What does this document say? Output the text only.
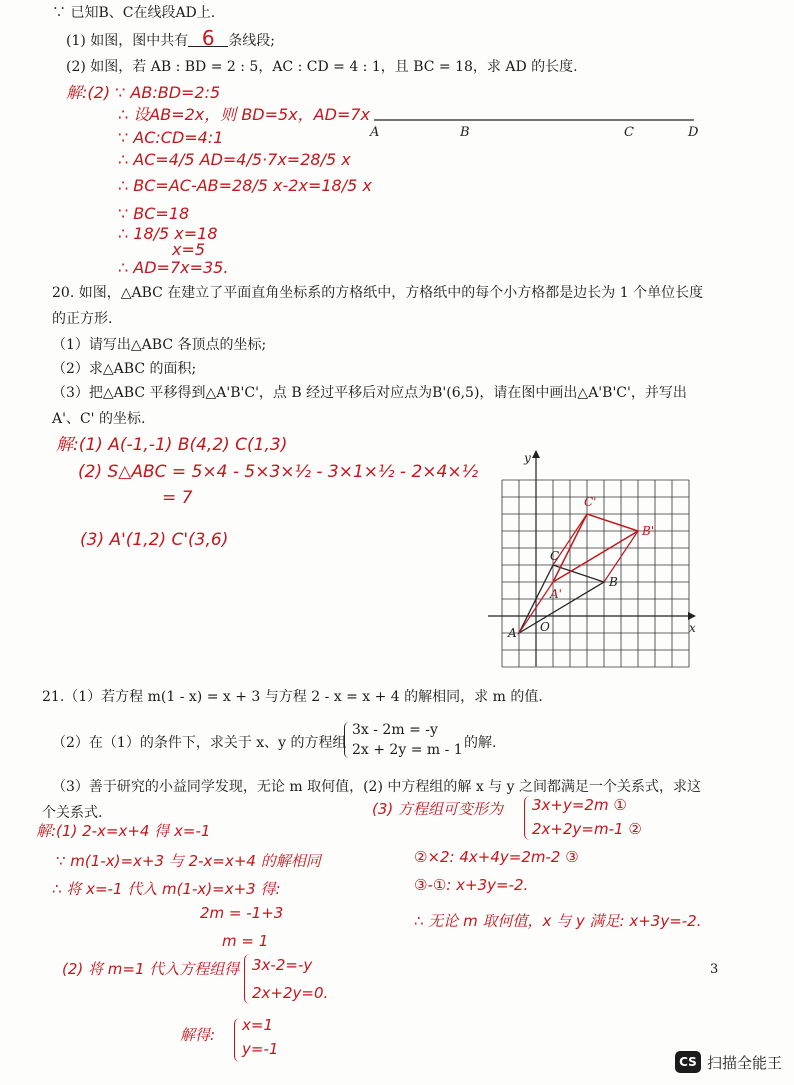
∵ 已知B、C在线段AD上.
(1) 如图，图中共有 6 条线段;
(2) 如图，若 AB : BD = 2 : 5，AC : CD = 4 : 1，且 BC = 18，求 AD 的长度.
解:(2) ∵ AB:BD=2:5
∴ 设AB=2x，则 BD=5x，AD=7x
∵ AC:CD=4:1
∴ AC=4/5 AD=4/5·7x=28/5 x
∴ BC=AC-AB=28/5 x-2x=18/5 x
∵ BC=18
∴ 18/5 x=18
x=5
∴ AD=7x=35.
A	B	C	D
20. 如图，△ABC 在建立了平面直角坐标系的方格纸中，方格纸中的每个小方格都是边长为 1 个单位长度
的正方形.
（1）请写出△ABC 各顶点的坐标;
（2）求△ABC 的面积;
（3）把△ABC 平移得到△A'B'C'，点 B 经过平移后对应点为B'(6,5)，请在图中画出△A'B'C'，并写出
A'、C' 的坐标.
解:(1) A(-1,-1) B(4,2) C(1,3)
(2) S△ABC = 5×4 - 5×3×½ - 3×1×½ - 2×4×½
= 7
(3) A'(1,2) C'(3,6)
y
x
O
A
B
C
A'
B'
C'
21.（1）若方程 m(1 - x) = x + 3 与方程 2 - x = x + 4 的解相同，求 m 的值.
（2）在（1）的条件下，求关于 x、y 的方程组
3x - 2m = -y
2x + 2y = m - 1 的解.
（3）善于研究的小益同学发现，无论 m 取何值，(2) 中方程组的解 x 与 y 之间都满足一个关系式，求这
个关系式.
解:(1) 2-x=x+4 得 x=-1
∵ m(1-x)=x+3 与 2-x=x+4 的解相同
∴ 将 x=-1 代入 m(1-x)=x+3 得:
2m = -1+3
m = 1
(2) 将 m=1 代入方程组得 3x-2=-y
2x+2y=0.
解得:
x=1
y=-1
(3) 方程组可变形为 3x+y=2m ①
2x+2y=m-1 ②
②×2: 4x+4y=2m-2 ③
③-①: x+3y=-2.
∴ 无论 m 取何值，x 与 y 满足: x+3y=-2.
3
CS 扫描全能王
